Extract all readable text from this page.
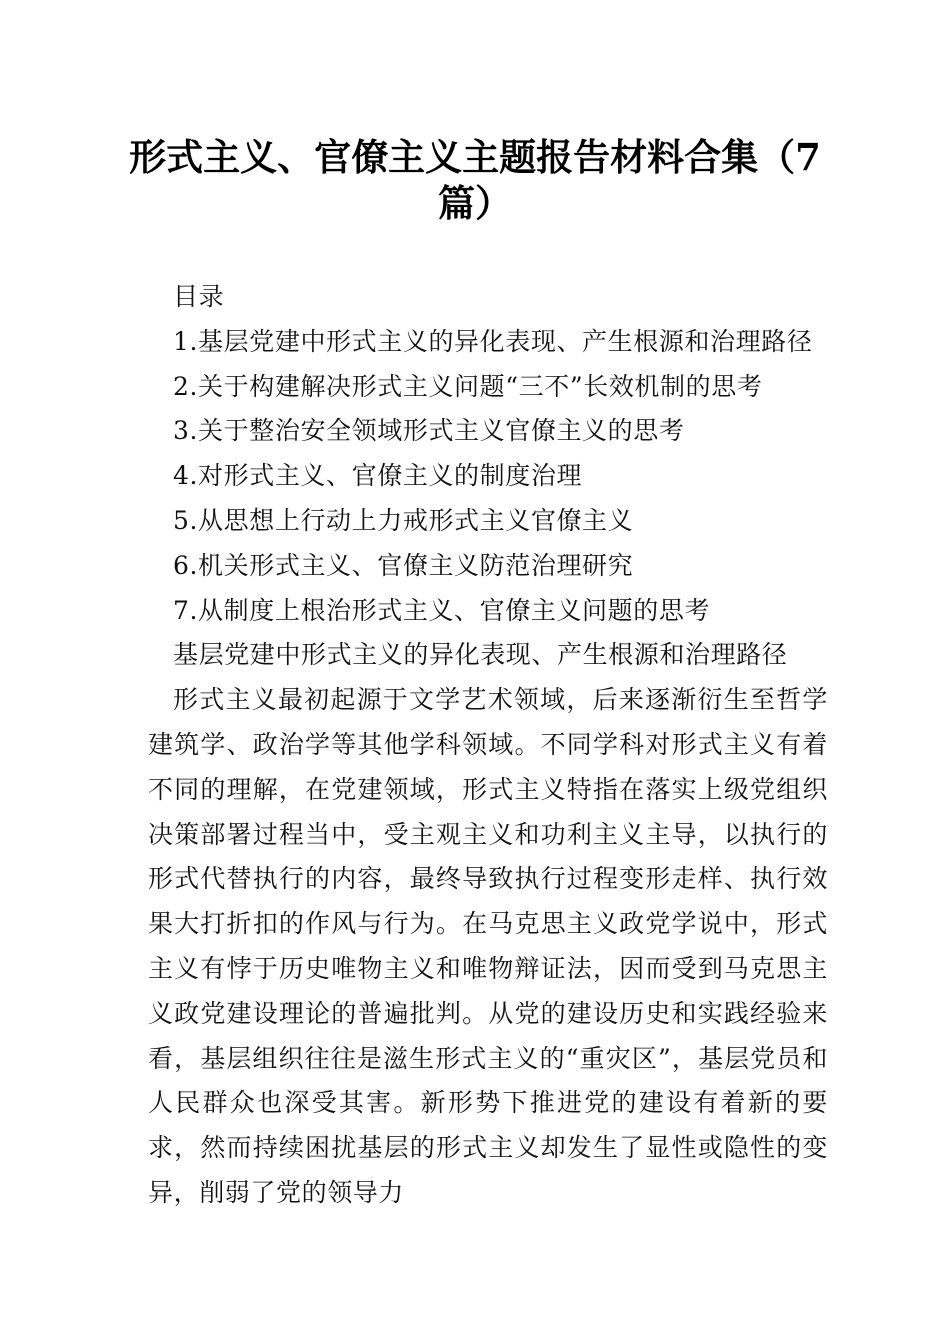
形式主义、官僚主义主题报告材料合集（7篇）

目录

1.基层党建中形式主义的异化表现、产生根源和治理路径

2.关于构建解决形式主义问题“三不”长效机制的思考

3.关于整治安全领域形式主义官僚主义的思考

4.对形式主义、官僚主义的制度治理

5.从思想上行动上力戒形式主义官僚主义

6.机关形式主义、官僚主义防范治理研究

7.从制度上根治形式主义、官僚主义问题的思考

基层党建中形式主义的异化表现、产生根源和治理路径

形式主义最初起源于文学艺术领域，后来逐渐衍生至哲学建筑学、政治学等其他学科领域。不同学科对形式主义有着不同的理解，在党建领域，形式主义特指在落实上级党组织决策部署过程当中，受主观主义和功利主义主导，以执行的形式代替执行的内容，最终导致执行过程变形走样、执行效果大打折扣的作风与行为。在马克思主义政党学说中，形式主义有悖于历史唯物主义和唯物辩证法，因而受到马克思主义政党建设理论的普遍批判。从党的建设历史和实践经验来看，基层组织往往是滋生形式主义的“重灾区”，基层党员和人民群众也深受其害。新形势下推进党的建设有着新的要求，然而持续困扰基层的形式主义却发生了显性或隐性的变异，削弱了党的领导力
